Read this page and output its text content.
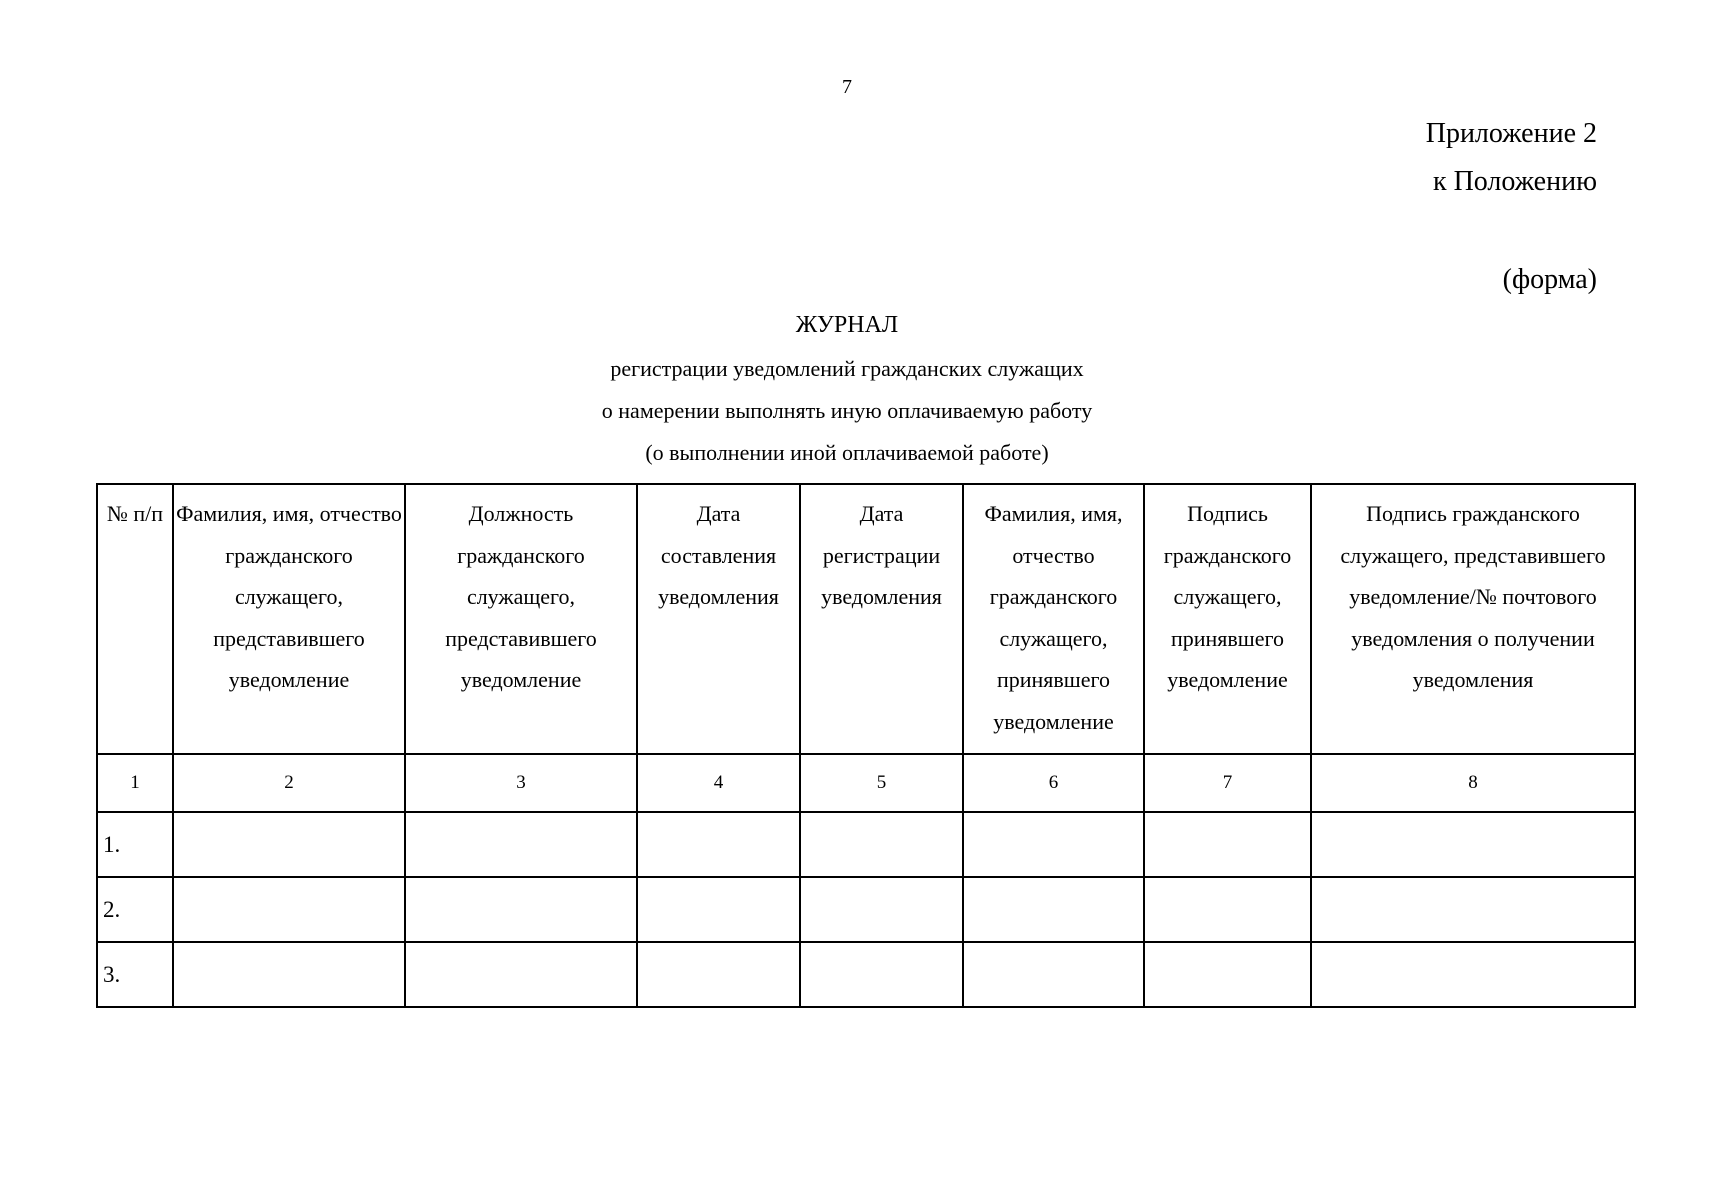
7
Приложение 2
к Положению
(форма)
ЖУРНАЛ
регистрации уведомлений гражданских служащих
о намерении выполнять иную оплачиваемую работу
(о выполнении иной оплачиваемой работе)
№ п/п	Фамилия, имя, отчество гражданского служащего, представившего уведомление	Должность гражданского служащего, представившего уведомление	Дата составления уведомления	Дата регистрации уведомления	Фамилия, имя, отчество гражданского служащего, принявшего уведомление	Подпись гражданского служащего, принявшего уведомление	Подпись гражданского служащего, представившего уведомление/№ почтового уведомления о получении уведомления

1	2	3	4	5	6	7	8
1.							
2.							
3.							
